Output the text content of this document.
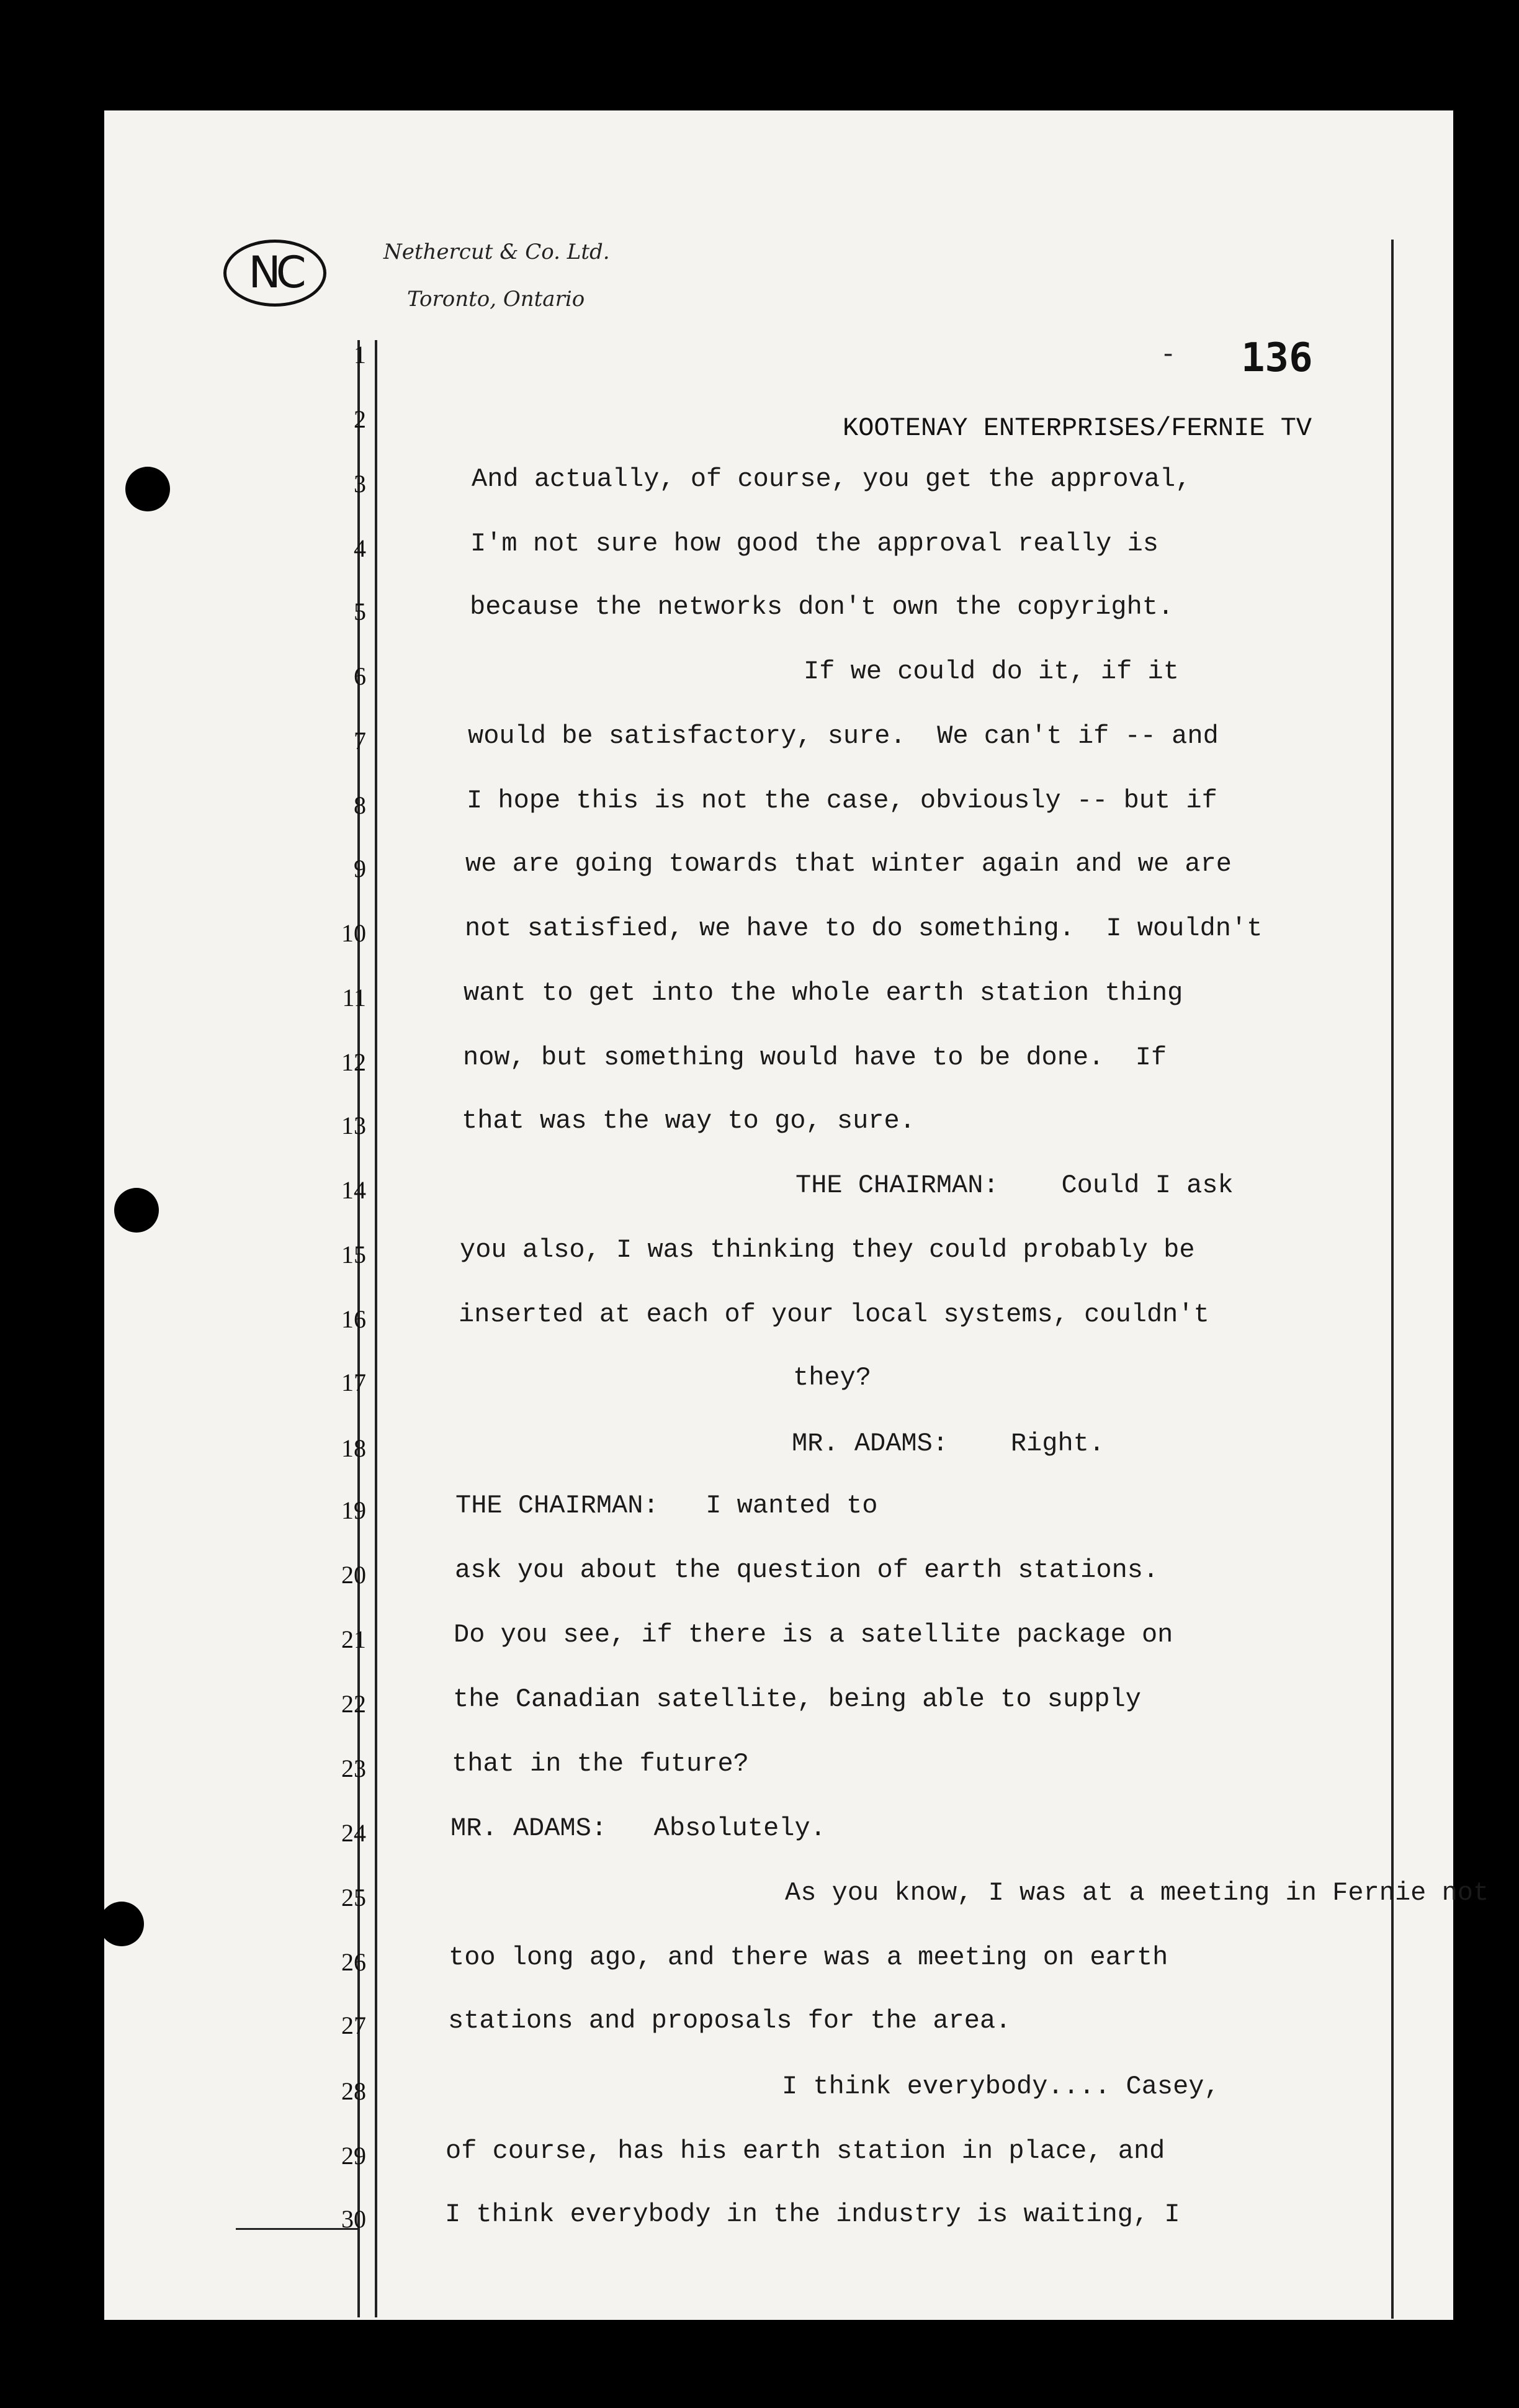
NC	Nethercut & Co. Ltd.
Toronto, Ontario
- 136
KOOTENAY ENTERPRISES/FERNIE TV
1
2
3
4
5
6
7
8
9
10
11
12
13
14
15
16
17
18
19
20
21
22
23
24
25
26
27
28
29
30
And actually, of course, you get the approval,
I'm not sure how good the approval really is
because the networks don't own the copyright.
If we could do it, if it
would be satisfactory, sure.  We can't if -- and
I hope this is not the case, obviously -- but if
we are going towards that winter again and we are
not satisfied, we have to do something.  I wouldn't
want to get into the whole earth station thing
now, but something would have to be done.  If
that was the way to go, sure.
THE CHAIRMAN:    Could I ask
you also, I was thinking they could probably be
inserted at each of your local systems, couldn't
they?
MR. ADAMS:    Right.
THE CHAIRMAN:   I wanted to
ask you about the question of earth stations.
Do you see, if there is a satellite package on
the Canadian satellite, being able to supply
that in the future?
MR. ADAMS:   Absolutely.
As you know, I was at a meeting in Fernie not
too long ago, and there was a meeting on earth
stations and proposals for the area.
I think everybody.... Casey,
of course, has his earth station in place, and
I think everybody in the industry is waiting, I
